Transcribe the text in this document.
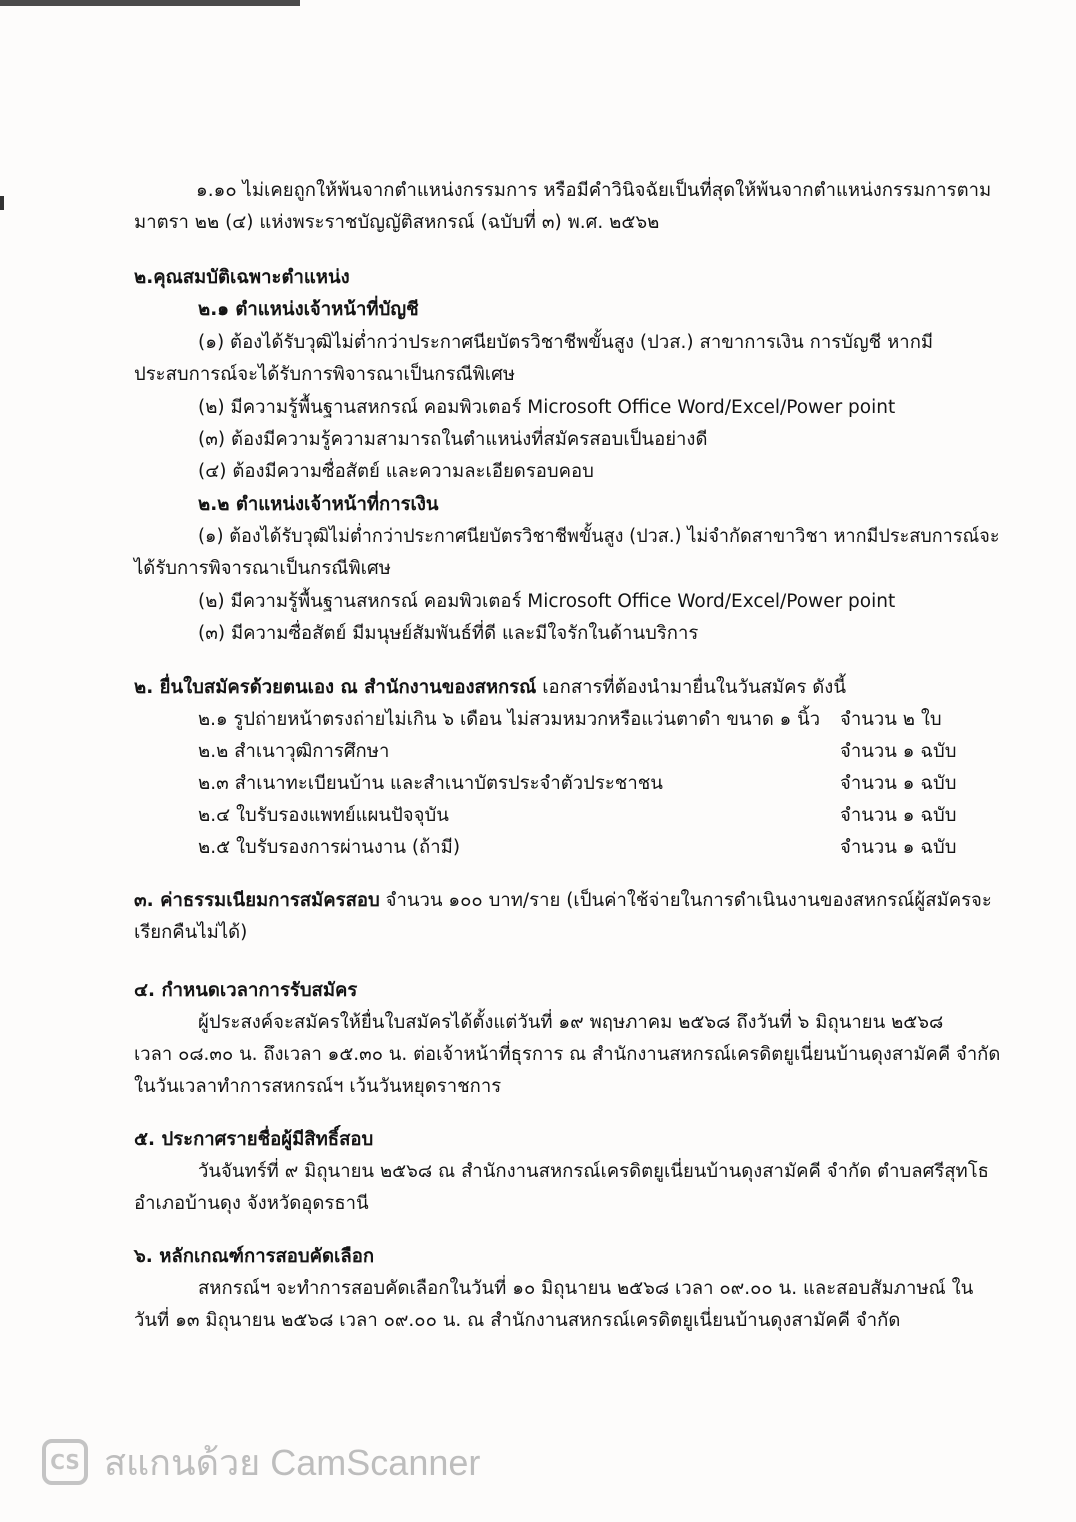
๑.๑๐ ไม่เคยถูกให้พ้นจากตำแหน่งกรรมการ หรือมีคำวินิจฉัยเป็นที่สุดให้พ้นจากตำแหน่งกรรมการตาม
มาตรา ๒๒ (๔) แห่งพระราชบัญญัติสหกรณ์ (ฉบับที่ ๓) พ.ศ. ๒๕๖๒
๒.คุณสมบัติเฉพาะตำแหน่ง
๒.๑ ตำแหน่งเจ้าหน้าที่บัญชี
(๑) ต้องได้รับวุฒิไม่ต่ำกว่าประกาศนียบัตรวิชาชีพขั้นสูง (ปวส.) สาขาการเงิน การบัญชี หากมี
ประสบการณ์จะได้รับการพิจารณาเป็นกรณีพิเศษ
(๒) มีความรู้พื้นฐานสหกรณ์ คอมพิวเตอร์ Microsoft Office Word/Excel/Power point
(๓) ต้องมีความรู้ความสามารถในตำแหน่งที่สมัครสอบเป็นอย่างดี
(๔) ต้องมีความซื่อสัตย์ และความละเอียดรอบคอบ
๒.๒ ตำแหน่งเจ้าหน้าที่การเงิน
(๑) ต้องได้รับวุฒิไม่ต่ำกว่าประกาศนียบัตรวิชาชีพขั้นสูง (ปวส.) ไม่จำกัดสาขาวิชา หากมีประสบการณ์จะ
ได้รับการพิจารณาเป็นกรณีพิเศษ
(๒) มีความรู้พื้นฐานสหกรณ์ คอมพิวเตอร์ Microsoft Office Word/Excel/Power point
(๓) มีความซื่อสัตย์ มีมนุษย์สัมพันธ์ที่ดี และมีใจรักในด้านบริการ
๒. ยื่นใบสมัครด้วยตนเอง ณ สำนักงานของสหกรณ์ เอกสารที่ต้องนำมายื่นในวันสมัคร ดังนี้
๒.๑ รูปถ่ายหน้าตรงถ่ายไม่เกิน ๖ เดือน ไม่สวมหมวกหรือแว่นตาดำ ขนาด ๑ นิ้ว จำนวน ๒ ใบ
๒.๒ สำเนาวุฒิการศึกษา	จำนวน ๑ ฉบับ
๒.๓ สำเนาทะเบียนบ้าน และสำเนาบัตรประจำตัวประชาชน	จำนวน ๑ ฉบับ
๒.๔ ใบรับรองแพทย์แผนปัจจุบัน	จำนวน ๑ ฉบับ
๒.๕ ใบรับรองการผ่านงาน (ถ้ามี)	จำนวน ๑ ฉบับ
๓. ค่าธรรมเนียมการสมัครสอบ จำนวน ๑๐๐ บาท/ราย (เป็นค่าใช้จ่ายในการดำเนินงานของสหกรณ์ผู้สมัครจะ
เรียกคืนไม่ได้)
๔. กำหนดเวลาการรับสมัคร
ผู้ประสงค์จะสมัครให้ยื่นใบสมัครได้ตั้งแต่วันที่ ๑๙ พฤษภาคม ๒๕๖๘ ถึงวันที่ ๖ มิถุนายน ๒๕๖๘
เวลา ๐๘.๓๐ น. ถึงเวลา ๑๕.๓๐ น. ต่อเจ้าหน้าที่ธุรการ ณ สำนักงานสหกรณ์เครดิตยูเนี่ยนบ้านดุงสามัคคี จำกัด
ในวันเวลาทำการสหกรณ์ฯ เว้นวันหยุดราชการ
๕. ประกาศรายชื่อผู้มีสิทธิ์สอบ
วันจันทร์ที่ ๙ มิถุนายน ๒๕๖๘ ณ สำนักงานสหกรณ์เครดิตยูเนี่ยนบ้านดุงสามัคคี จำกัด ตำบลศรีสุทโธ
อำเภอบ้านดุง จังหวัดอุดรธานี
๖. หลักเกณฑ์การสอบคัดเลือก
สหกรณ์ฯ จะทำการสอบคัดเลือกในวันที่ ๑๐ มิถุนายน ๒๕๖๘ เวลา ๐๙.๐๐ น. และสอบสัมภาษณ์ ใน
วันที่ ๑๓ มิถุนายน ๒๕๖๘ เวลา ๐๙.๐๐ น. ณ สำนักงานสหกรณ์เครดิตยูเนี่ยนบ้านดุงสามัคคี จำกัด
CS สแกนด้วย CamScanner
